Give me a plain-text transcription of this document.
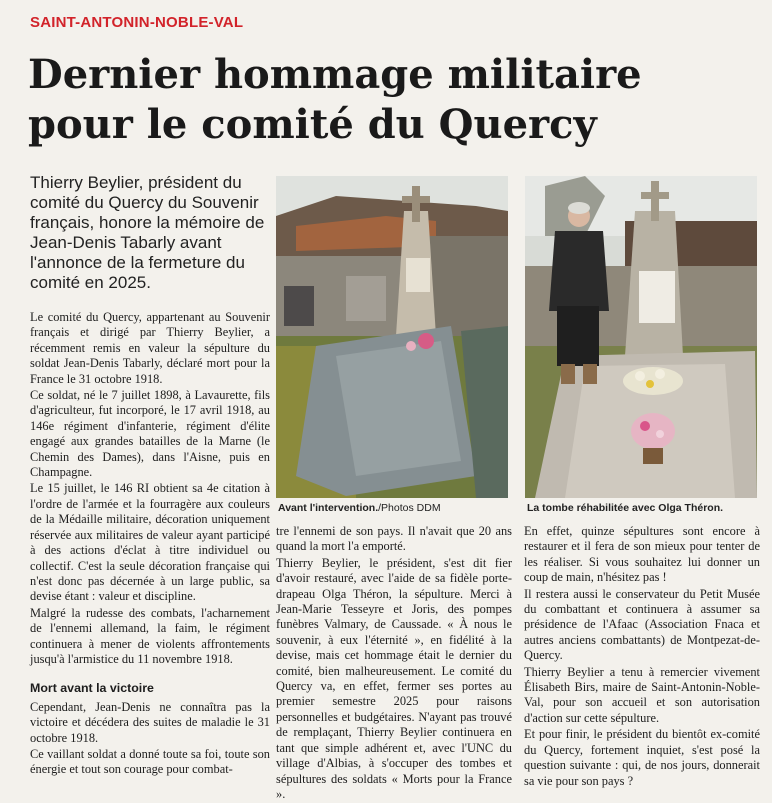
SAINT-ANTONIN-NOBLE-VAL
Dernier hommage militaire pour le comité du Quercy

Thierry Beylier, président du comité du Quercy du Souvenir français, honore la mémoire de Jean-Denis Tabarly avant l'annonce de la fermeture du comité en 2025.

Le comité du Quercy, appartenant au Souvenir français et dirigé par Thierry Beylier, a récemment remis en valeur la sépulture du soldat Jean-Denis Tabarly, déclaré mort pour la France le 31 octobre 1918.

Ce soldat, né le 7 juillet 1898, à Lavaurette, fils d'agriculteur, fut incorporé, le 17 avril 1918, au 146e régiment d'infanterie, régiment d'élite engagé aux grandes batailles de la Marne (le Chemin des Dames), dans l'Aisne, puis en Champagne.

Le 15 juillet, le 146 RI obtient sa 4e citation à l'ordre de l'armée et la fourragère aux couleurs de la Médaille militaire, décoration uniquement réservée aux militaires de valeur ayant participé à des actions d'éclat à titre individuel ou collectif. C'est la seule décoration française qui n'est donc pas décernée à un large public, sa devise étant : valeur et discipline.

Malgré la rudesse des combats, l'acharnement de l'ennemi allemand, la faim, le régiment continuera à mener de violents affrontements jusqu'à l'armistice du 11 novembre 1918.

Mort avant la victoire

Cependant, Jean-Denis ne connaîtra pas la victoire et décédera des suites de maladie le 31 octobre 1918.

Ce vaillant soldat a donné toute sa foi, toute son énergie et tout son courage pour combat-

Avant l'intervention./Photos DDM	La tombe réhabilitée avec Olga Théron.

tre l'ennemi de son pays. Il n'avait que 20 ans quand la mort l'a emporté.

Thierry Beylier, le président, s'est dit fier d'avoir restauré, avec l'aide de sa fidèle porte-drapeau Olga Théron, la sépulture. Merci à Jean-Marie Tesseyre et Joris, des pompes funèbres Valmary, de Caussade. « À nous le souvenir, à eux l'éternité », en fidélité à la devise, mais cet hommage était le dernier du comité, bien malheureusement. Le comité du Quercy va, en effet, fermer ses portes au premier semestre 2025 pour raisons personnelles et budgétaires. N'ayant pas trouvé de remplaçant, Thierry Beylier continuera en tant que simple adhérent et, avec l'UNC du village d'Albias, à s'occuper des tombes et sépultures des soldats « Morts pour la France ».

En effet, quinze sépultures sont encore à restaurer et il fera de son mieux pour tenter de les réaliser. Si vous souhaitez lui donner un coup de main, n'hésitez pas !

Il restera aussi le conservateur du Petit Musée du combattant et continuera à assumer sa présidence de l'Afaac (Association Fnaca et autres anciens combattants) de Montpezat-de-Quercy.

Thierry Beylier a tenu à remercier vivement Élisabeth Birs, maire de Saint-Antonin-Noble-Val, pour son accueil et son autorisation d'action sur cette sépulture.

Et pour finir, le président du bientôt ex-comité du Quercy, fortement inquiet, s'est posé la question suivante : qui, de nos jours, donnerait sa vie pour son pays ?
